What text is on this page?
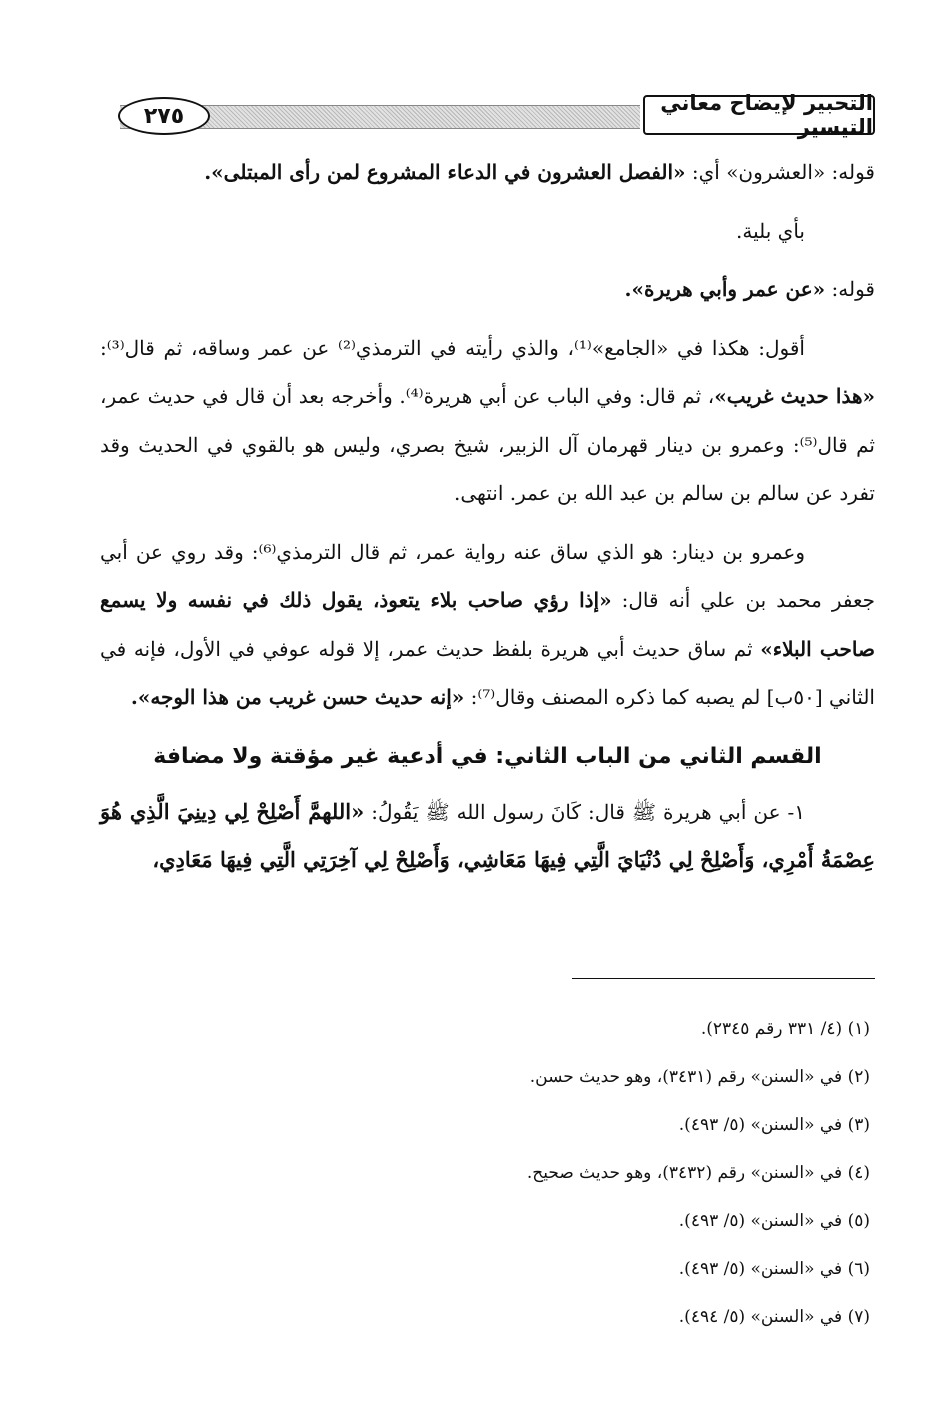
٢٧٥
التحبير لإيضاح معاني التيسير

قوله: «العشرون» أي: «الفصل العشرون في الدعاء المشروع لمن رأى المبتلى».

بأي بلية.

قوله: «عن عمر وأبي هريرة».

أقول: هكذا في «الجامع»⁽¹⁾، والذي رأيته في الترمذي⁽²⁾ عن عمر وساقه، ثم قال⁽³⁾: «هذا حديث غريب»، ثم قال: وفي الباب عن أبي هريرة⁽⁴⁾. وأخرجه بعد أن قال في حديث عمر، ثم قال⁽⁵⁾: وعمرو بن دينار قهرمان آل الزبير، شيخ بصري، وليس هو بالقوي في الحديث وقد تفرد عن سالم بن سالم بن عبد الله بن عمر. انتهى.

وعمرو بن دينار: هو الذي ساق عنه رواية عمر، ثم قال الترمذي⁽⁶⁾: وقد روي عن أبي جعفر محمد بن علي أنه قال: «إذا رؤي صاحب بلاء يتعوذ، يقول ذلك في نفسه ولا يسمع صاحب البلاء» ثم ساق حديث أبي هريرة بلفظ حديث عمر، إلا قوله عوفي في الأول، فإنه في الثاني [٥٠ب] لم يصبه كما ذكره المصنف وقال⁽⁷⁾: «إنه حديث حسن غريب من هذا الوجه».

القسم الثاني من الباب الثاني: في أدعية غير مؤقتة ولا مضافة

١- عن أبي هريرة ﷺ قال: كَانَ رسول الله ﷺ يَقُولُ: «اللهمَّ أَصْلِحْ لِي دِينِيَ الَّذِي هُوَ عِصْمَةُ أَمْرِي، وَأَصْلِحْ لِي دُنْيَايَ الَّتِي فِيهَا مَعَاشِي، وَأَصْلِحْ لِي آخِرَتِي الَّتِي فِيهَا مَعَادِي،

(١) (٤/ ٣٣١ رقم ٢٣٤٥).
(٢) في «السنن» رقم (٣٤٣١)، وهو حديث حسن.
(٣) في «السنن» (٥/ ٤٩٣).
(٤) في «السنن» رقم (٣٤٣٢)، وهو حديث صحيح.
(٥) في «السنن» (٥/ ٤٩٣).
(٦) في «السنن» (٥/ ٤٩٣).
(٧) في «السنن» (٥/ ٤٩٤).
